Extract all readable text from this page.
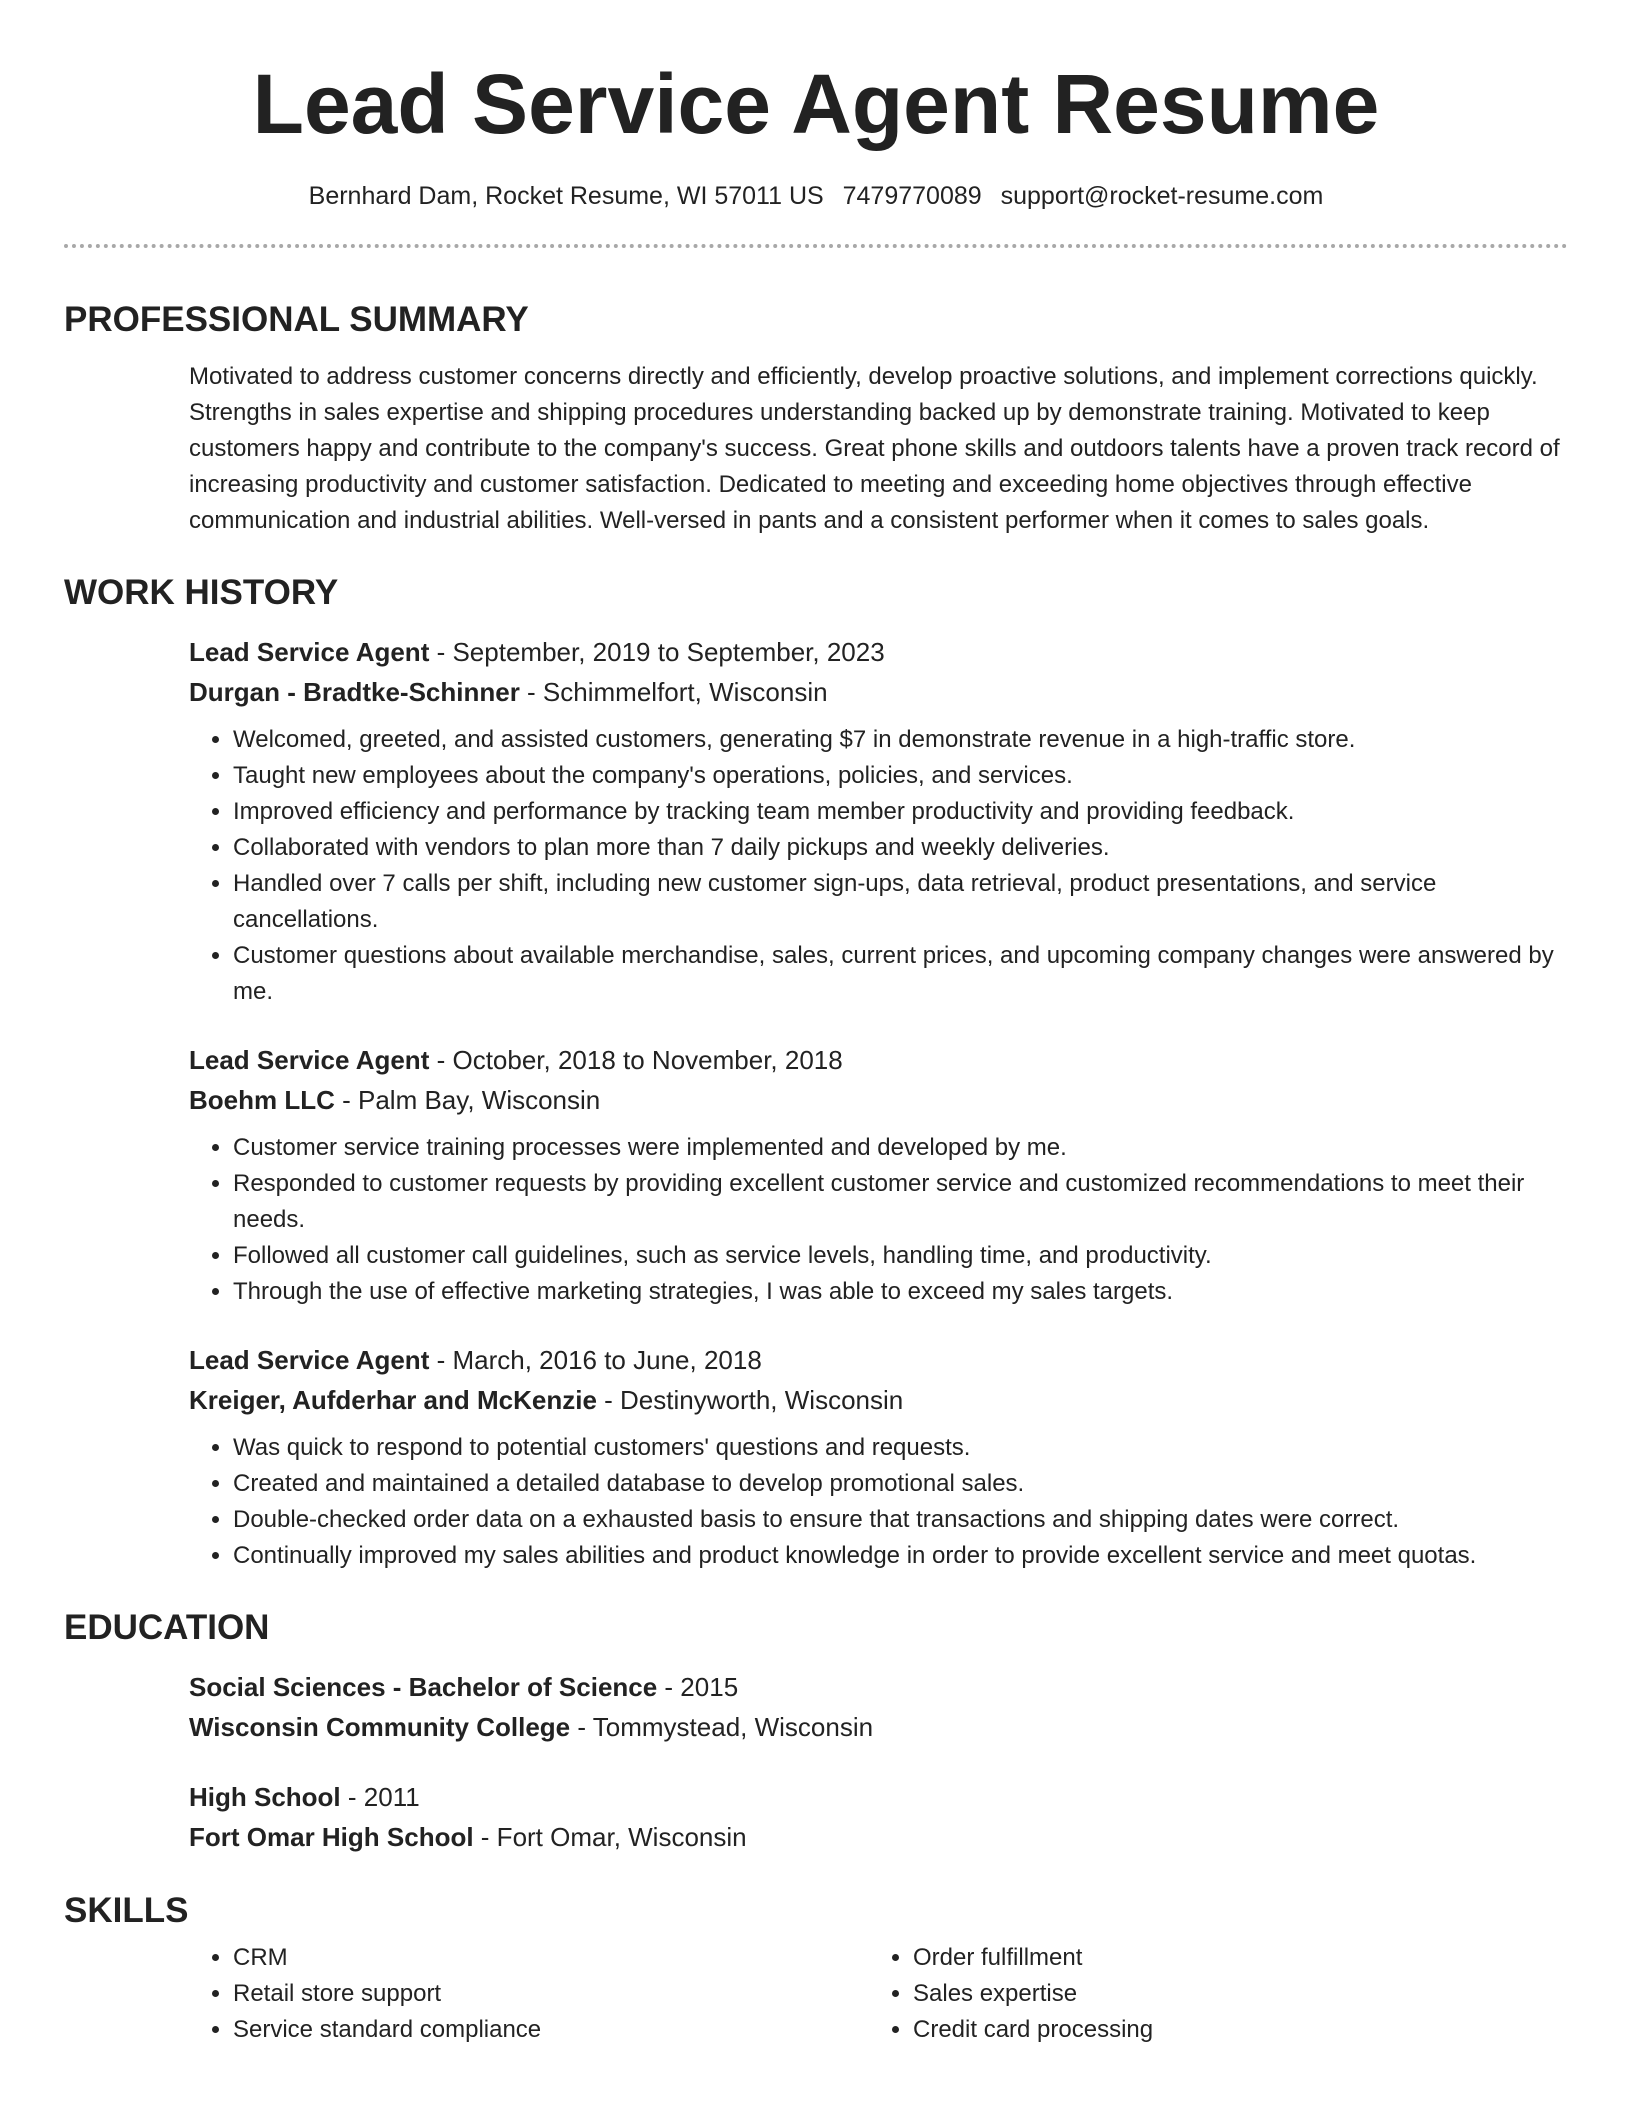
Lead Service Agent Resume
Bernhard Dam, Rocket Resume, WI 57011 US 7479770089 support@rocket-resume.com
PROFESSIONAL SUMMARY
Motivated to address customer concerns directly and efficiently, develop proactive solutions, and implement corrections quickly. Strengths in sales expertise and shipping procedures understanding backed up by demonstrate training. Motivated to keep customers happy and contribute to the company's success. Great phone skills and outdoors talents have a proven track record of increasing productivity and customer satisfaction. Dedicated to meeting and exceeding home objectives through effective communication and industrial abilities. Well-versed in pants and a consistent performer when it comes to sales goals.
WORK HISTORY
Lead Service Agent - September, 2019 to September, 2023
Durgan - Bradtke-Schinner - Schimmelfort, Wisconsin
• Welcomed, greeted, and assisted customers, generating $7 in demonstrate revenue in a high-traffic store.
• Taught new employees about the company's operations, policies, and services.
• Improved efficiency and performance by tracking team member productivity and providing feedback.
• Collaborated with vendors to plan more than 7 daily pickups and weekly deliveries.
• Handled over 7 calls per shift, including new customer sign-ups, data retrieval, product presentations, and service cancellations.
• Customer questions about available merchandise, sales, current prices, and upcoming company changes were answered by me.
Lead Service Agent - October, 2018 to November, 2018
Boehm LLC - Palm Bay, Wisconsin
• Customer service training processes were implemented and developed by me.
• Responded to customer requests by providing excellent customer service and customized recommendations to meet their needs.
• Followed all customer call guidelines, such as service levels, handling time, and productivity.
• Through the use of effective marketing strategies, I was able to exceed my sales targets.
Lead Service Agent - March, 2016 to June, 2018
Kreiger, Aufderhar and McKenzie - Destinyworth, Wisconsin
• Was quick to respond to potential customers' questions and requests.
• Created and maintained a detailed database to develop promotional sales.
• Double-checked order data on a exhausted basis to ensure that transactions and shipping dates were correct.
• Continually improved my sales abilities and product knowledge in order to provide excellent service and meet quotas.
EDUCATION
Social Sciences - Bachelor of Science - 2015
Wisconsin Community College - Tommystead, Wisconsin
High School - 2011
Fort Omar High School - Fort Omar, Wisconsin
SKILLS
• CRM
• Retail store support
• Service standard compliance
• Order fulfillment
• Sales expertise
• Credit card processing
